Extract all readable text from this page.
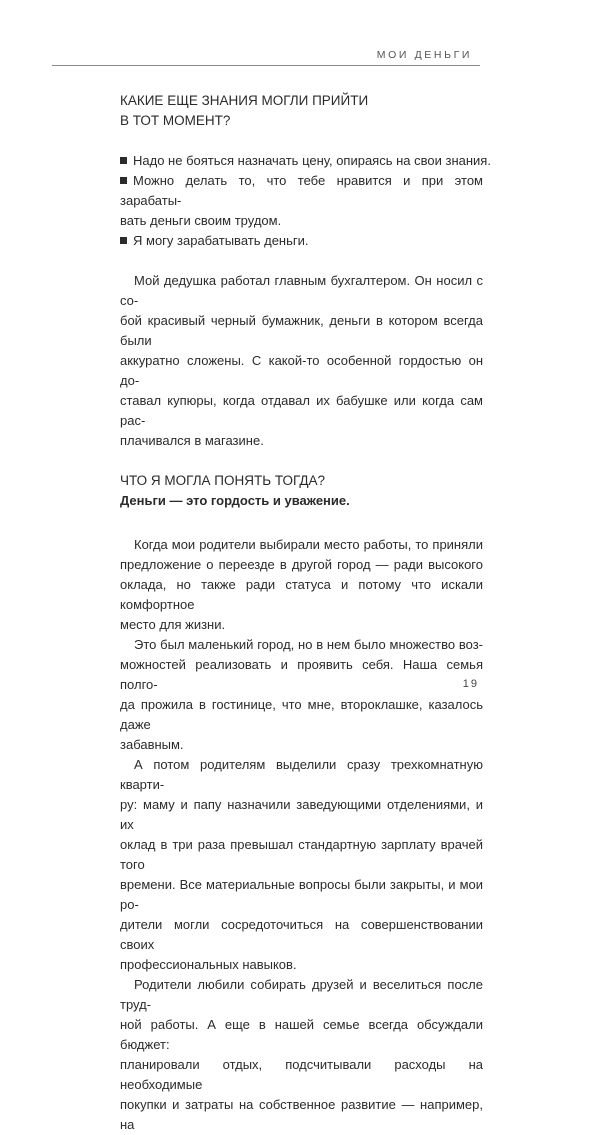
МОИ ДЕНЬГИ
КАКИЕ ЕЩЕ ЗНАНИЯ МОГЛИ ПРИЙТИ
В ТОТ МОМЕНТ?
Надо не бояться назначать цену, опираясь на свои знания.
Можно делать то, что тебе нравится и при этом зарабаты-
вать деньги своим трудом.
Я могу зарабатывать деньги.
Мой дедушка работал главным бухгалтером. Он носил с со-
бой красивый черный бумажник, деньги в котором всегда были
аккуратно сложены. С какой-то особенной гордостью он до-
ставал купюры, когда отдавал их бабушке или когда сам рас-
плачивался в магазине.
ЧТО Я МОГЛА ПОНЯТЬ ТОГДА?
Деньги — это гордость и уважение.
Когда мои родители выбирали место работы, то приняли
предложение о переезде в другой город — ради высокого
оклада, но также ради статуса и потому что искали комфортное
место для жизни.
Это был маленький город, но в нем было множество воз-
можностей реализовать и проявить себя. Наша семья полго-
да прожила в гостинице, что мне, второклашке, казалось даже
забавным.
А потом родителям выделили сразу трехкомнатную кварти-
ру: маму и папу назначили заведующими отделениями, и их
оклад в три раза превышал стандартную зарплату врачей того
времени. Все материальные вопросы были закрыты, и мои ро-
дители могли сосредоточиться на совершенствовании своих
профессиональных навыков.
Родители любили собирать друзей и веселиться после труд-
ной работы. А еще в нашей семье всегда обсуждали бюджет:
планировали отдых, подсчитывали расходы на необходимые
покупки и затраты на собственное развитие — например, на
19
